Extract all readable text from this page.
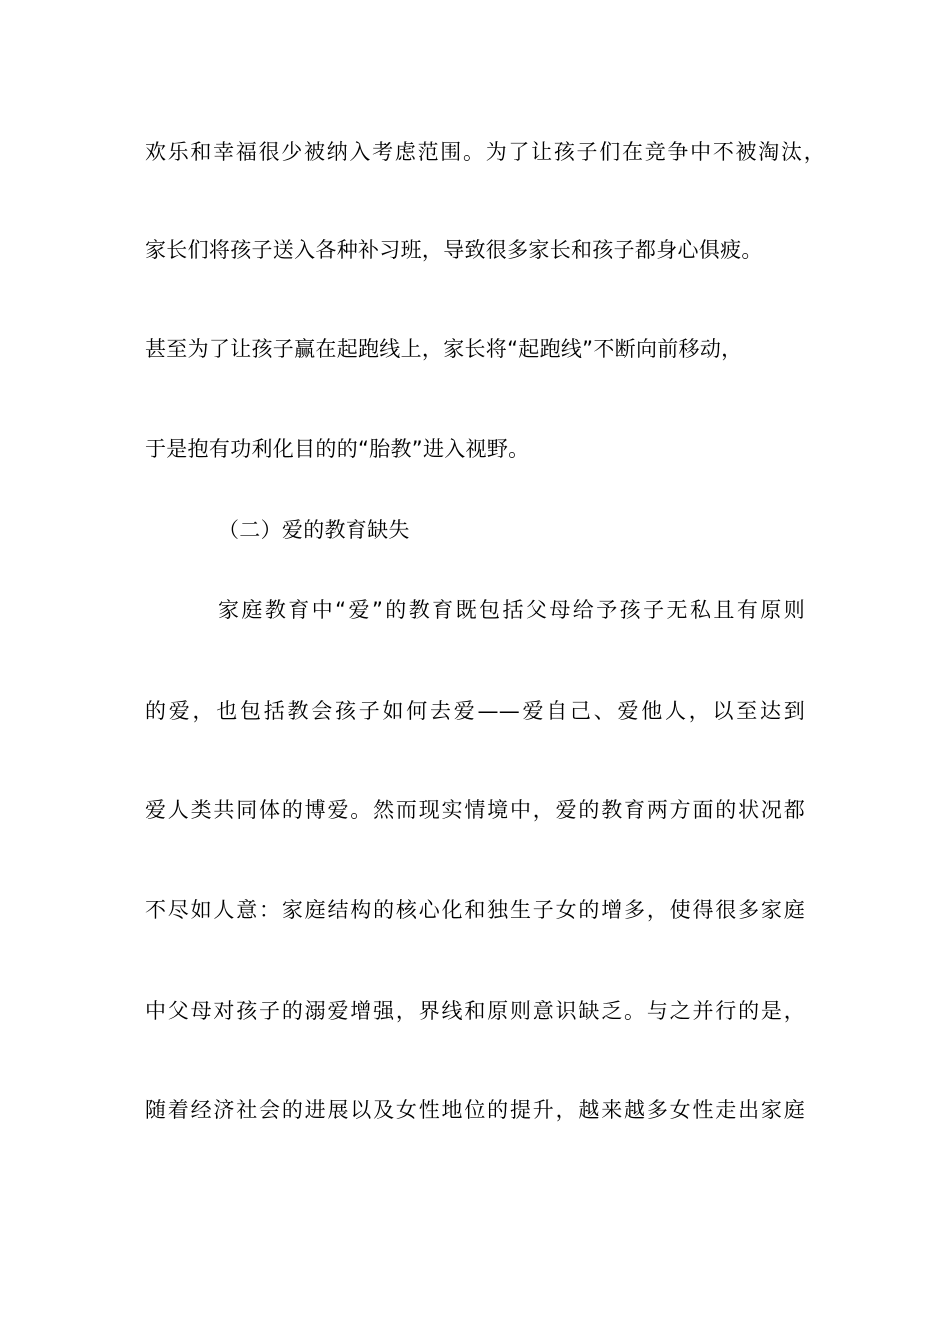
欢乐和幸福很少被纳入考虑范围。为了让孩子们在竞争中不被淘汰，
家长们将孩子送入各种补习班，导致很多家长和孩子都身心俱疲。
甚至为了让孩子赢在起跑线上，家长将“起跑线”不断向前移动，
于是抱有功利化目的的“胎教”进入视野。
（二）爱的教育缺失
家庭教育中“爱”的教育既包括父母给予孩子无私且有原则
的爱，也包括教会孩子如何去爱——爱自己、爱他人，以至达到
爱人类共同体的博爱。然而现实情境中，爱的教育两方面的状况都
不尽如人意：家庭结构的核心化和独生子女的增多，使得很多家庭
中父母对孩子的溺爱增强，界线和原则意识缺乏。与之并行的是，
随着经济社会的进展以及女性地位的提升，越来越多女性走出家庭
